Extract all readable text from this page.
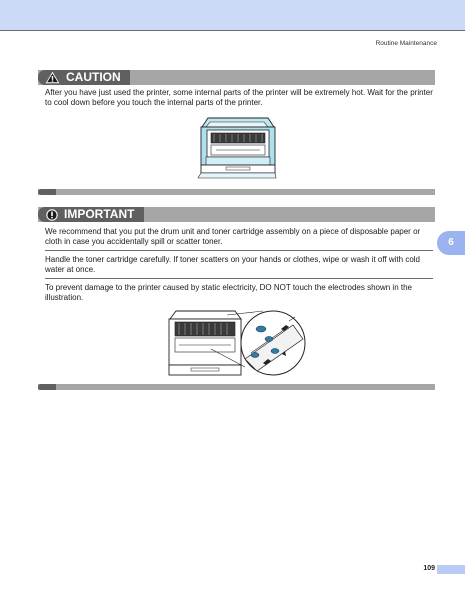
Routine Maintenance
CAUTION

After you have just used the printer, some internal parts of the printer will be extremely hot. Wait for the printer to cool down before you touch the internal parts of the printer.

IMPORTANT

We recommend that you put the drum unit and toner cartridge assembly on a piece of disposable paper or cloth in case you accidentally spill or scatter toner.

Handle the toner cartridge carefully. If toner scatters on your hands or clothes, wipe or wash it off with cold water at once.

To prevent damage to the printer caused by static electricity, DO NOT touch the electrodes shown in the illustration.

6
109
